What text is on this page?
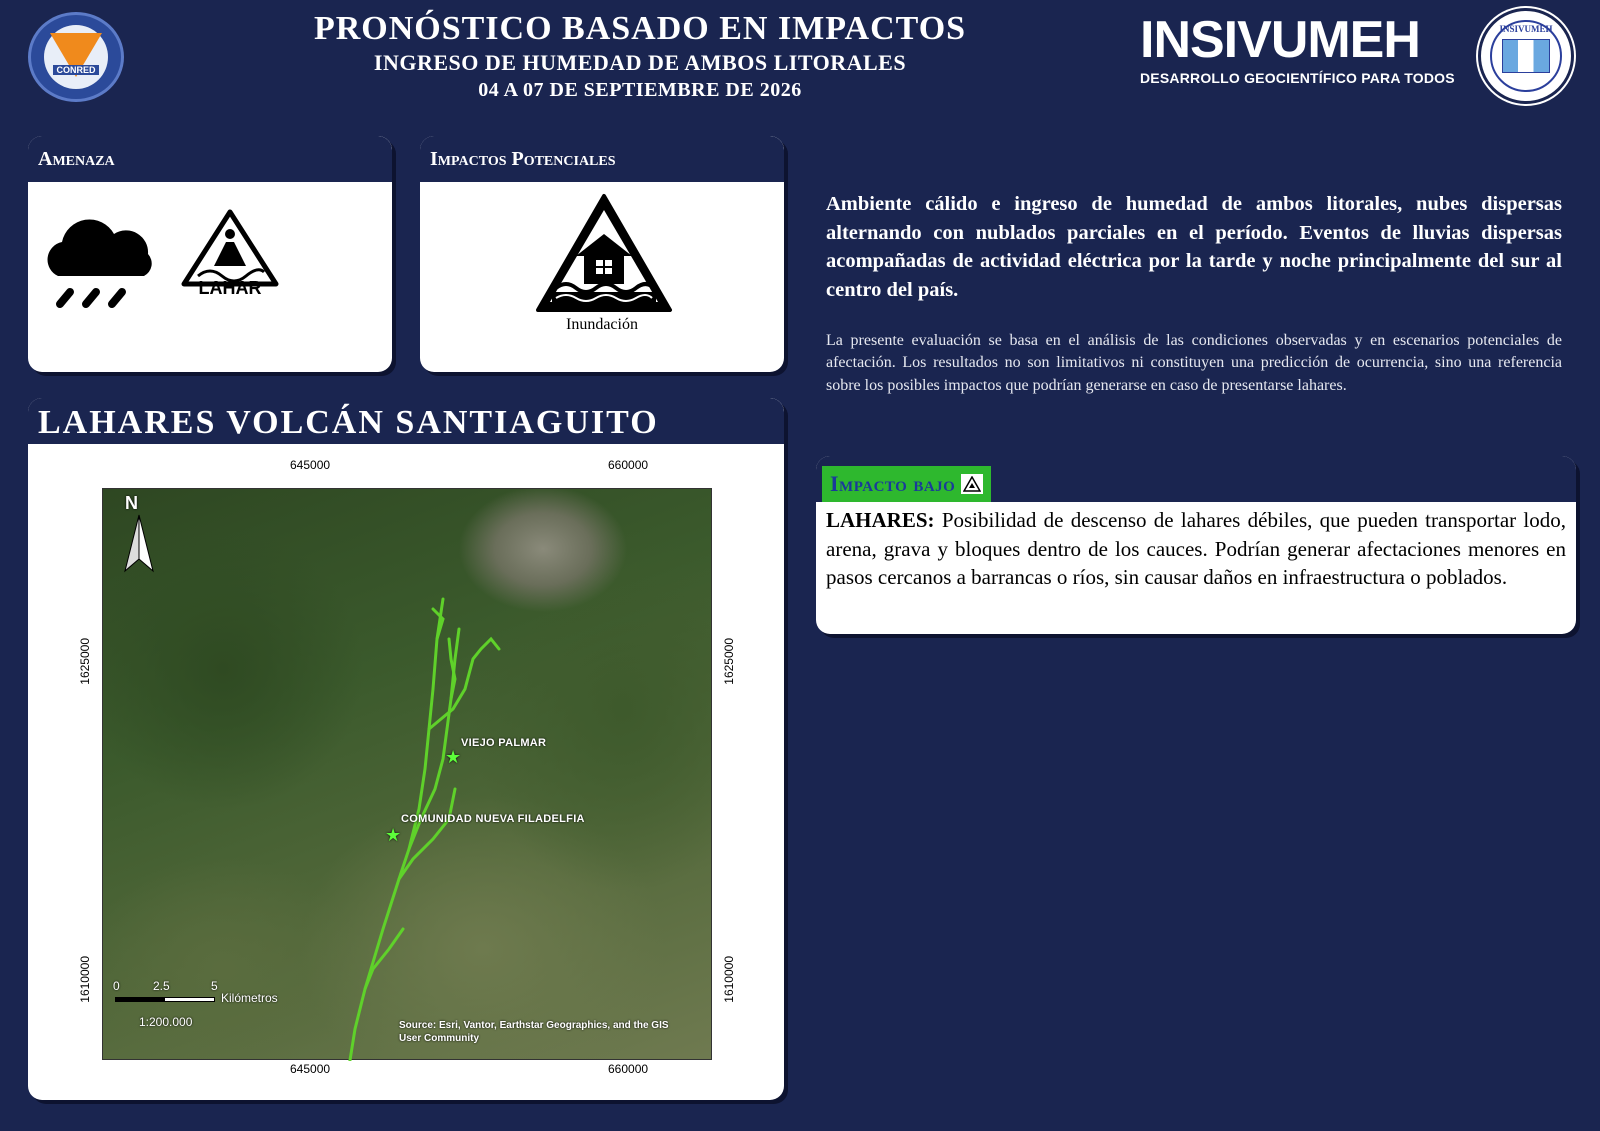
CONRED
PRONÓSTICO BASADO EN IMPACTOS
INGRESO DE HUMEDAD DE AMBOS LITORALES
04 A 07 DE SEPTIEMBRE DE 2026
INSIVUMEH
DESARROLLO GEOCIENTÍFICO PARA TODOS
INSIVUMEH
Amenaza
LAHAR
Impactos Potenciales
Inundación
LAHARES VOLCÁN SANTIAGUITO
645000	660000
645000	660000
1625000
1610000
1625000
1610000
N
★
VIEJO PALMAR
★
COMUNIDAD NUEVA FILADELFIA
0	2.5	5
Kilómetros
1:200.000	Source: Esri, Vantor, Earthstar Geographics, and the GIS User Community
Ambiente cálido e ingreso de humedad de ambos litorales, nubes dispersas alternando con nublados parciales en el período. Eventos de lluvias dispersas acompañadas de actividad eléctrica por la tarde y noche principalmente del sur al centro del país.
La presente evaluación se basa en el análisis de las condiciones observadas y en escenarios potenciales de afectación. Los resultados no son limitativos ni constituyen una predicción de ocurrencia, sino una referencia sobre los posibles impactos que podrían generarse en caso de presentarse lahares.
Impacto bajo
LAHARES: Posibilidad de descenso de lahares débiles, que pueden transportar lodo, arena, grava y bloques dentro de los cauces. Podrían generar afectaciones menores en pasos cercanos a barrancas o ríos, sin causar daños en infraestructura o poblados.
